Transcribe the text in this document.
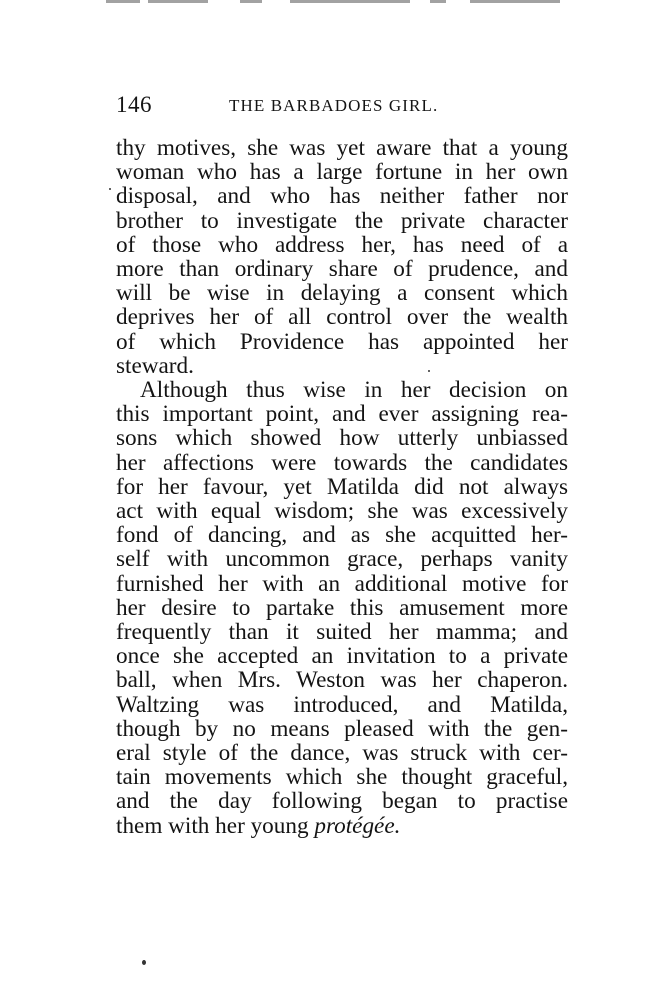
146	THE BARBADOES GIRL.
thy motives, she was yet aware that a young
woman who has a large fortune in her own
disposal, and who has neither father nor
brother to investigate the private character
of those who address her, has need of a
more than ordinary share of prudence, and
will be wise in delaying a consent which
deprives her of all control over the wealth
of which Providence has appointed her
steward.
Although thus wise in her decision on
this important point, and ever assigning rea-
sons which showed how utterly unbiassed
her affections were towards the candidates
for her favour, yet Matilda did not always
act with equal wisdom; she was excessively
fond of dancing, and as she acquitted her-
self with uncommon grace, perhaps vanity
furnished her with an additional motive for
her desire to partake this amusement more
frequently than it suited her mamma; and
once she accepted an invitation to a private
ball, when Mrs. Weston was her chaperon.
Waltzing was introduced, and Matilda,
though by no means pleased with the gen-
eral style of the dance, was struck with cer-
tain movements which she thought graceful,
and the day following began to practise
them with her young protégée.
